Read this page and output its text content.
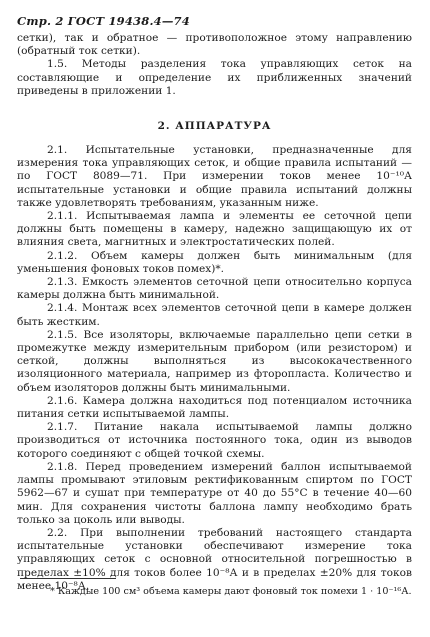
Стр. 2 ГОСТ 19438.4—74

сетки), так и обратное — противоположное этому направлению (обратный ток сетки).

1.5. Методы разделения тока управляющих сеток на составляющие и определение их приближенных значений приведены в приложении 1.

2. АППАРАТУРА

2.1. Испытательные установки, предназначенные для измерения тока управляющих сеток, и общие правила испытаний — по ГОСТ 8089—71. При измерении токов менее 10⁻¹⁰А испытательные установки и общие правила испытаний должны также удовлетворять требованиям, указанным ниже.

2.1.1. Испытываемая лампа и элементы ее сеточной цепи должны быть помещены в камеру, надежно защищающую их от влияния света, магнитных и электростатических полей.

2.1.2. Объем камеры должен быть минимальным (для уменьшения фоновых токов помех)*.

2.1.3. Емкость элементов сеточной цепи относительно корпуса камеры должна быть минимальной.

2.1.4. Монтаж всех элементов сеточной цепи в камере должен быть жестким.

2.1.5. Все изоляторы, включаемые параллельно цепи сетки в промежутке между измерительным прибором (или резистором) и сеткой, должны выполняться из высококачественного изоляционного материала, например из фторопласта. Количество и объем изоляторов должны быть минимальными.

2.1.6. Камера должна находиться под потенциалом источника питания сетки испытываемой лампы.

2.1.7. Питание накала испытываемой лампы должно производиться от источника постоянного тока, один из выводов которого соединяют с общей точкой схемы.

2.1.8. Перед проведением измерений баллон испытываемой лампы промывают этиловым ректификованным спиртом по ГОСТ 5962—67 и сушат при температуре от 40 до 55°С в течение 40—60 мин. Для сохранения чистоты баллона лампу необходимо брать только за цоколь или выводы.

2.2. При выполнении требований настоящего стандарта испытательные установки обеспечивают измерение тока управляющих сеток с основной относительной погрешностью в пределах ±10% для токов более 10⁻⁸А и в пределах ±20% для токов менее 10⁻⁸А.

* Каждые 100 см³ объема камеры дают фоновый ток помехи 1 · 10⁻¹⁶А.
